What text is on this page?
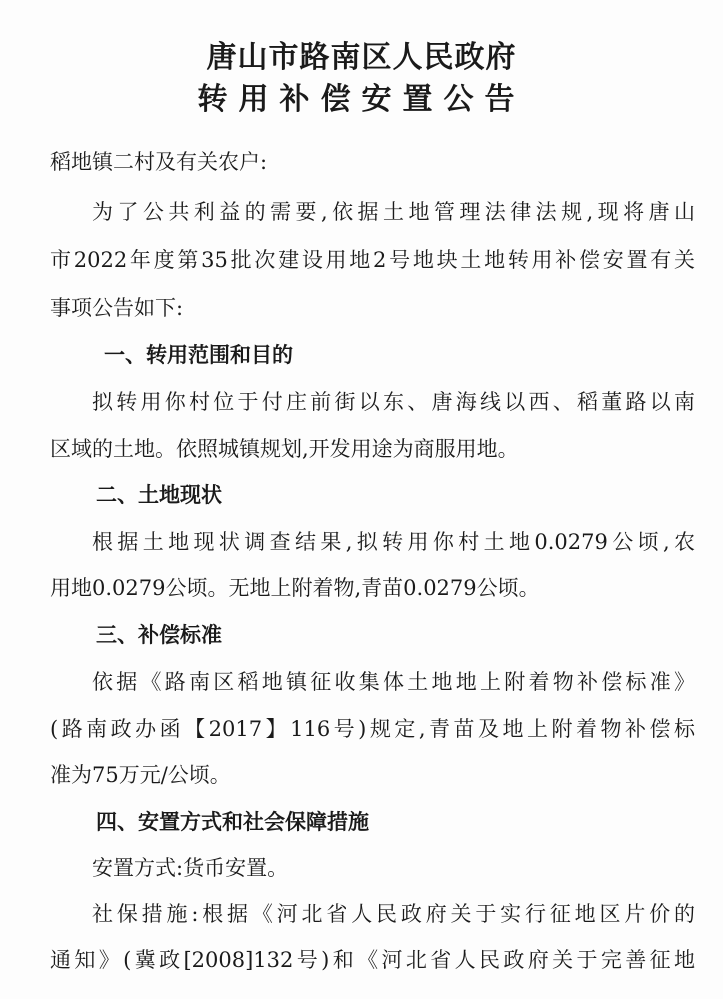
唐山市路南区人民政府
转用补偿安置公告
稻地镇二村及有关农户:
为了公共利益的需要,依据土地管理法律法规,现将唐山
市2022年度第35批次建设用地2号地块土地转用补偿安置有关
事项公告如下:
一、转用范围和目的
拟转用你村位于付庄前街以东、唐海线以西、稻董路以南
区域的土地。依照城镇规划,开发用途为商服用地。
二、土地现状
根据土地现状调查结果,拟转用你村土地0.0279公顷,农
用地0.0279公顷。无地上附着物,青苗0.0279公顷。
三、补偿标准
依据《路南区稻地镇征收集体土地地上附着物补偿标准》
(路南政办函【2017】116号)规定,青苗及地上附着物补偿标
准为75万元/公顷。
四、安置方式和社会保障措施
安置方式:货币安置。
社保措施:根据《河北省人民政府关于实行征地区片价的
通知》(冀政[2008]132号)和《河北省人民政府关于完善征地
